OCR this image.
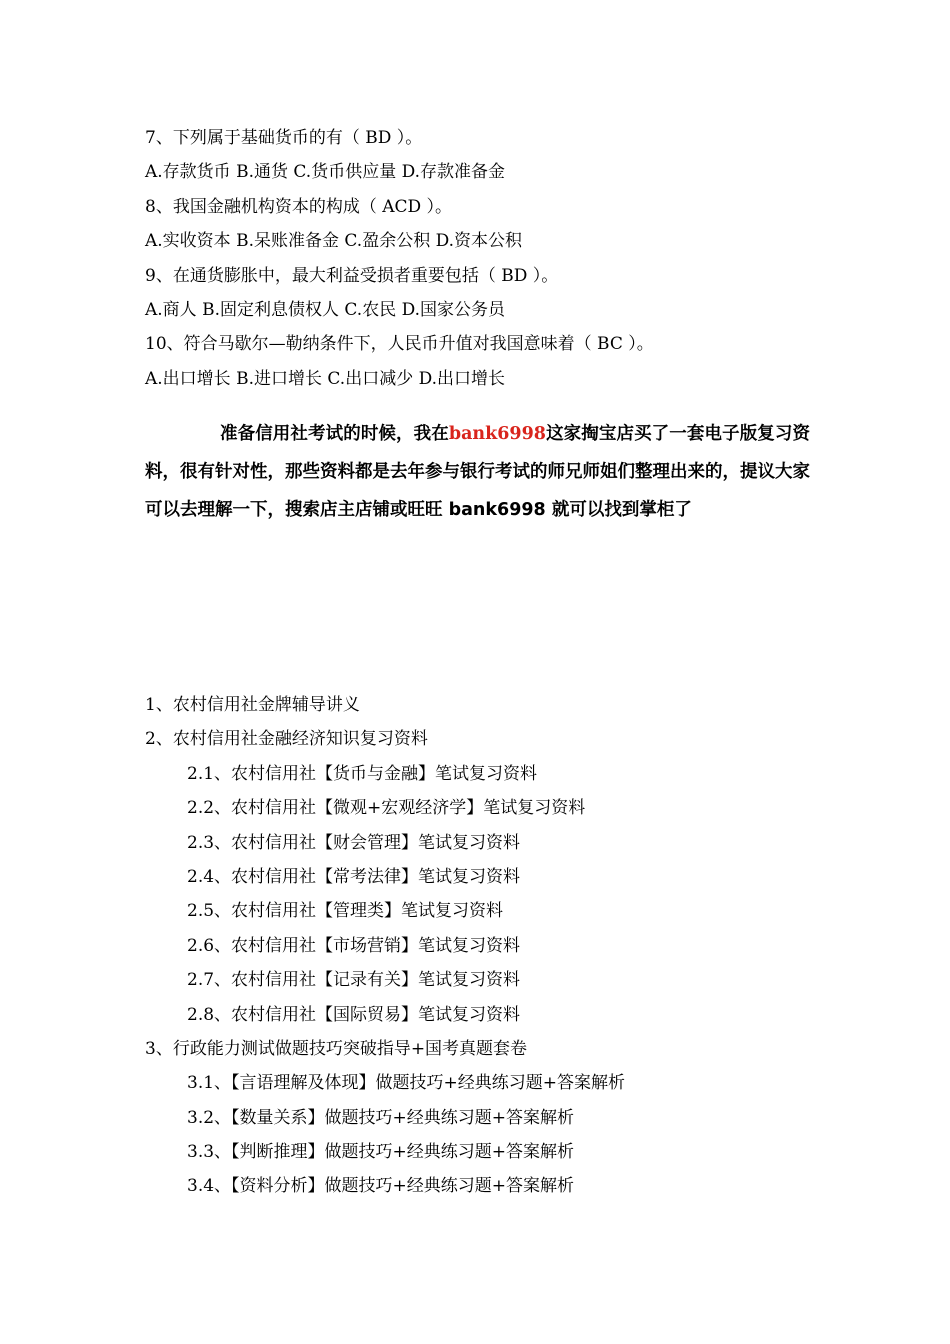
7、下列属于基础货币的有（ BD ）。
A.存款货币 B.通货 C.货币供应量 D.存款准备金
8、我国金融机构资本的构成（ ACD ）。
A.实收资本 B.呆账准备金 C.盈余公积 D.资本公积
9、在通货膨胀中，最大利益受损者重要包括（ BD ）。
A.商人 B.固定利息债权人 C.农民 D.国家公务员
10、符合马歇尔—勒纳条件下，人民币升值对我国意味着（ BC ）。
A.出口增长 B.进口增长 C.出口减少 D.出口增长
准备信用社考试的时候，我在bank6998这家掏宝店买了一套电子版复习资料，很有针对性，那些资料都是去年参与银行考试的师兄师姐们整理出来的，提议大家可以去理解一下，搜索店主店铺或旺旺 bank6998 就可以找到掌柜了
1、农村信用社金牌辅导讲义
2、农村信用社金融经济知识复习资料
2.1、农村信用社【货币与金融】笔试复习资料
2.2、农村信用社【微观+宏观经济学】笔试复习资料
2.3、农村信用社【财会管理】笔试复习资料
2.4、农村信用社【常考法律】笔试复习资料
2.5、农村信用社【管理类】笔试复习资料
2.6、农村信用社【市场营销】笔试复习资料
2.7、农村信用社【记录有关】笔试复习资料
2.8、农村信用社【国际贸易】笔试复习资料
3、行政能力测试做题技巧突破指导+国考真题套卷
3.1、【言语理解及体现】做题技巧+经典练习题+答案解析
3.2、【数量关系】做题技巧+经典练习题+答案解析
3.3、【判断推理】做题技巧+经典练习题+答案解析
3.4、【资料分析】做题技巧+经典练习题+答案解析
